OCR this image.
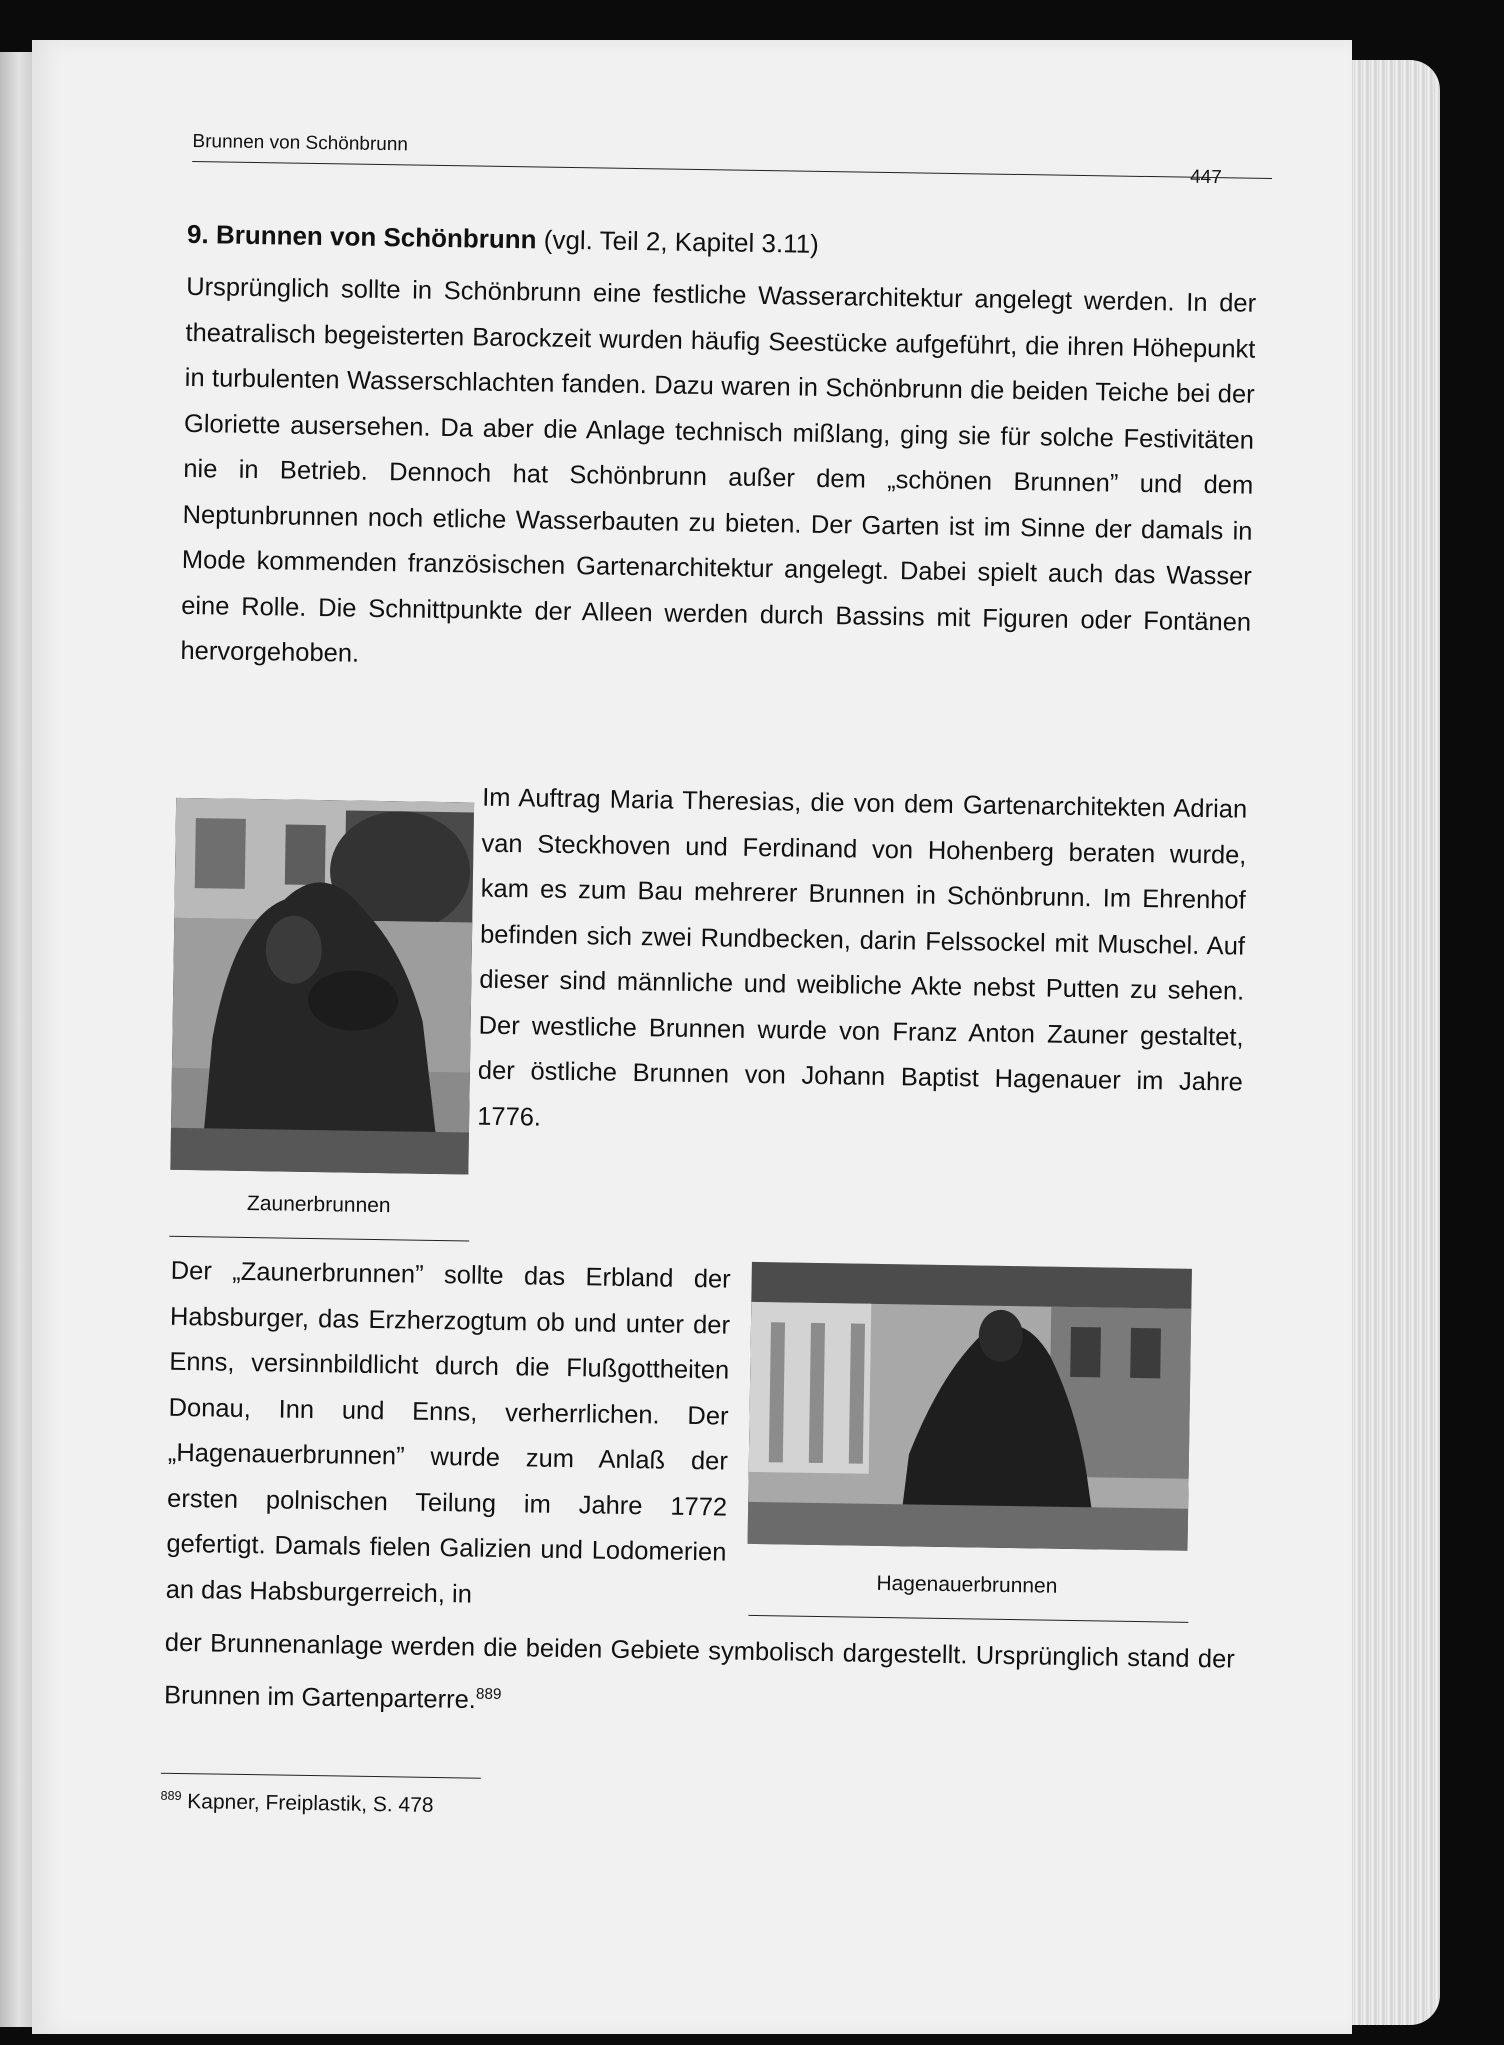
Brunnen von Schönbrunn
447
9. Brunnen von Schönbrunn (vgl. Teil 2, Kapitel 3.11)
Ursprünglich sollte in Schönbrunn eine festliche Wasserarchitektur angelegt werden. In der theatralisch begeisterten Barockzeit wurden häufig Seestücke aufgeführt, die ihren Höhepunkt in turbulenten Wasserschlachten fanden. Dazu waren in Schönbrunn die beiden Teiche bei der Gloriette ausersehen. Da aber die Anlage technisch mißlang, ging sie für solche Festivitäten nie in Betrieb. Dennoch hat Schönbrunn außer dem „schönen Brunnen” und dem Neptunbrunnen noch etliche Wasserbauten zu bieten. Der Garten ist im Sinne der damals in Mode kommenden französischen Gartenarchitektur angelegt. Dabei spielt auch das Wasser eine Rolle. Die Schnittpunkte der Alleen werden durch Bassins mit Figuren oder Fontänen hervorgehoben.
Zaunerbrunnen
Im Auftrag Maria Theresias, die von dem Gartenarchitekten Adrian van Steckhoven und Ferdinand von Hohenberg beraten wurde, kam es zum Bau mehrerer Brunnen in Schönbrunn. Im Ehrenhof befinden sich zwei Rundbecken, darin Felssockel mit Muschel. Auf dieser sind männliche und weibliche Akte nebst Putten zu sehen. Der westliche Brunnen wurde von Franz Anton Zauner gestaltet, der östliche Brunnen von Johann Baptist Hagenauer im Jahre 1776.
Der „Zaunerbrunnen” sollte das Erbland der Habsburger, das Erzherzogtum ob und unter der Enns, versinnbildlicht durch die Flußgottheiten Donau, Inn und Enns, verherrlichen. Der „Hagenauerbrunnen” wurde zum Anlaß der ersten polnischen Teilung im Jahre 1772 gefertigt. Damals fielen Galizien und Lodomerien an das Habsburgerreich, in	Hagenauerbrunnen
der Brunnenanlage werden die beiden Gebiete symbolisch dargestellt. Ursprünglich stand der Brunnen im Gartenparterre.$^{889}$
$^{889}$ Kapner, Freiplastik, S. 478
